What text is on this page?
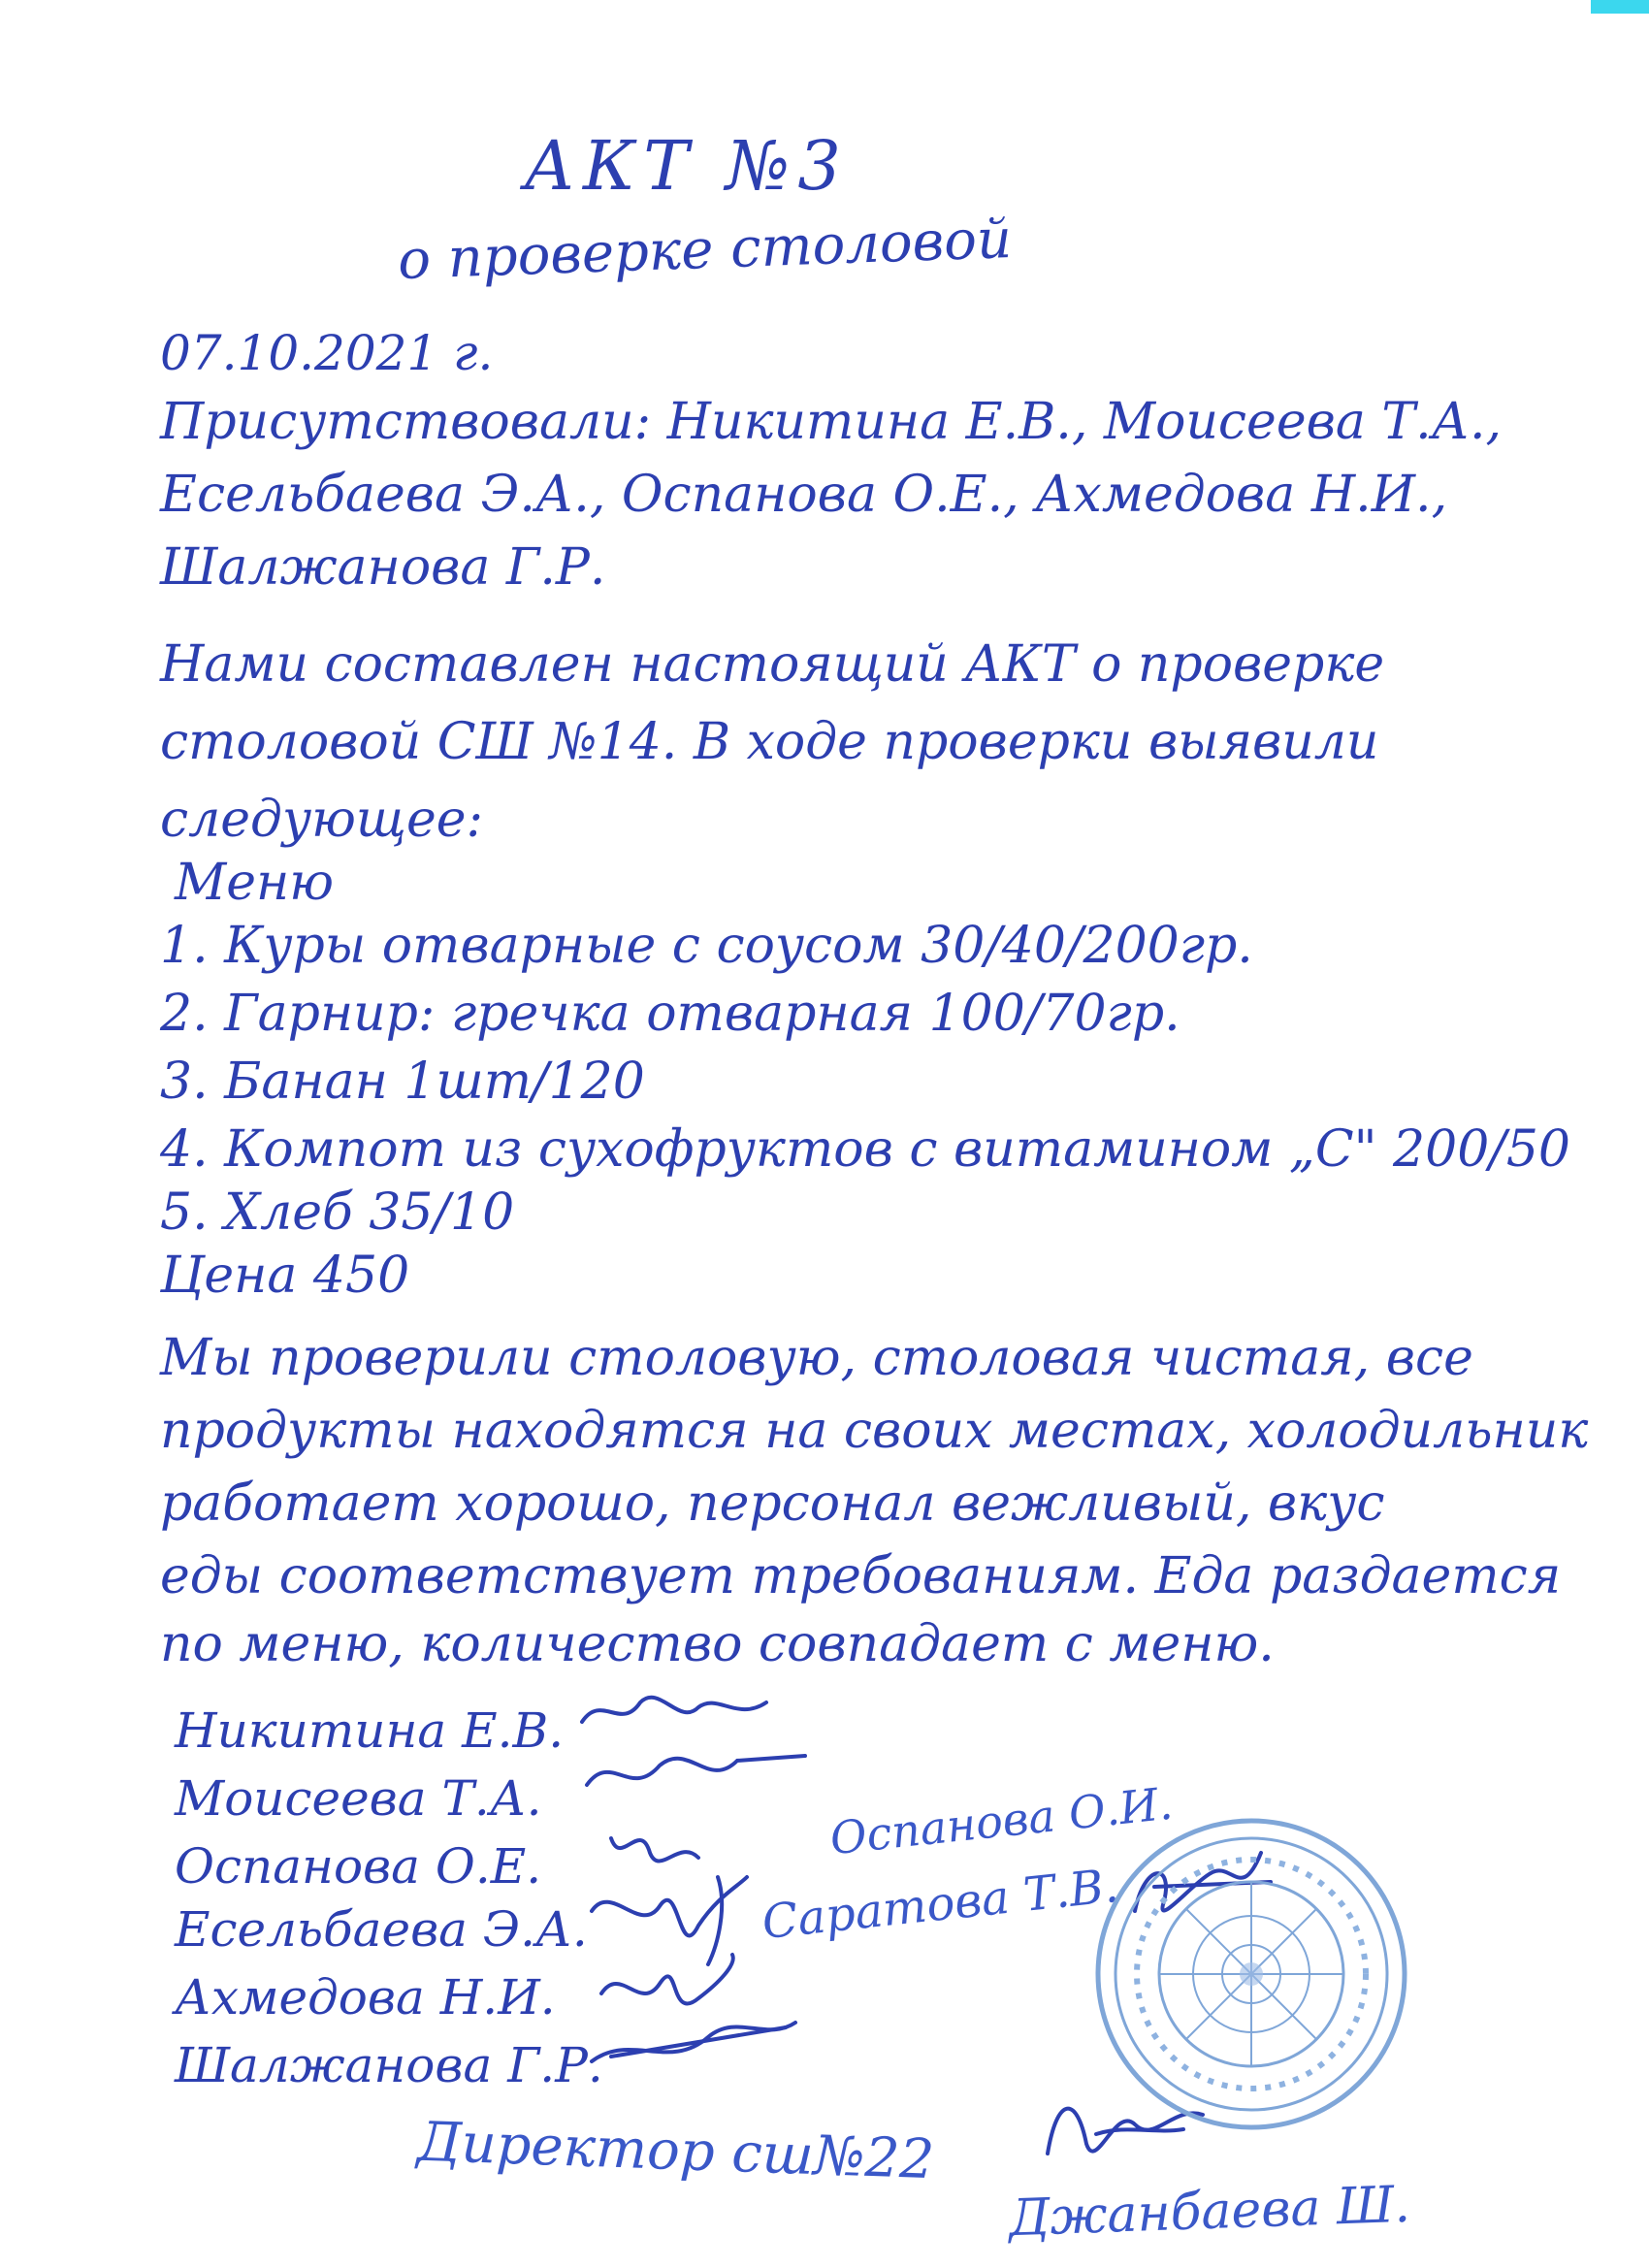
АКТ №3
о проверке столовой
07.10.2021 г.
Присутствовали: Никитина Е.В., Моисеева Т.А.,
Есельбаева Э.А., Оспанова О.Е., Ахмедова Н.И.,
Шалжанова Г.Р.
Нами составлен настоящий АКТ о проверке
столовой СШ №14. В ходе проверки выявили
следующее:
Меню
1. Куры отварные с соусом 30/40/200гр.
2. Гарнир: гречка отварная 100/70гр.
3. Банан 1шт/120
4. Компот из сухофруктов с витамином „С" 200/50
5. Хлеб 35/10
Цена 450
Мы проверили столовую, столовая чистая, все
продукты находятся на своих местах, холодильник
работает хорошо, персонал вежливый, вкус
еды соответствует требованиям. Еда раздается
по меню, количество совпадает с меню.
Никитина Е.В.
Моисеева Т.А.
Оспанова О.Е.
Есельбаева Э.А.
Ахмедова Н.И.
Шалжанова Г.Р.
Оспанова О.И.
Саратова Т.В.
Директор сш№22
Джанбаева Ш.
